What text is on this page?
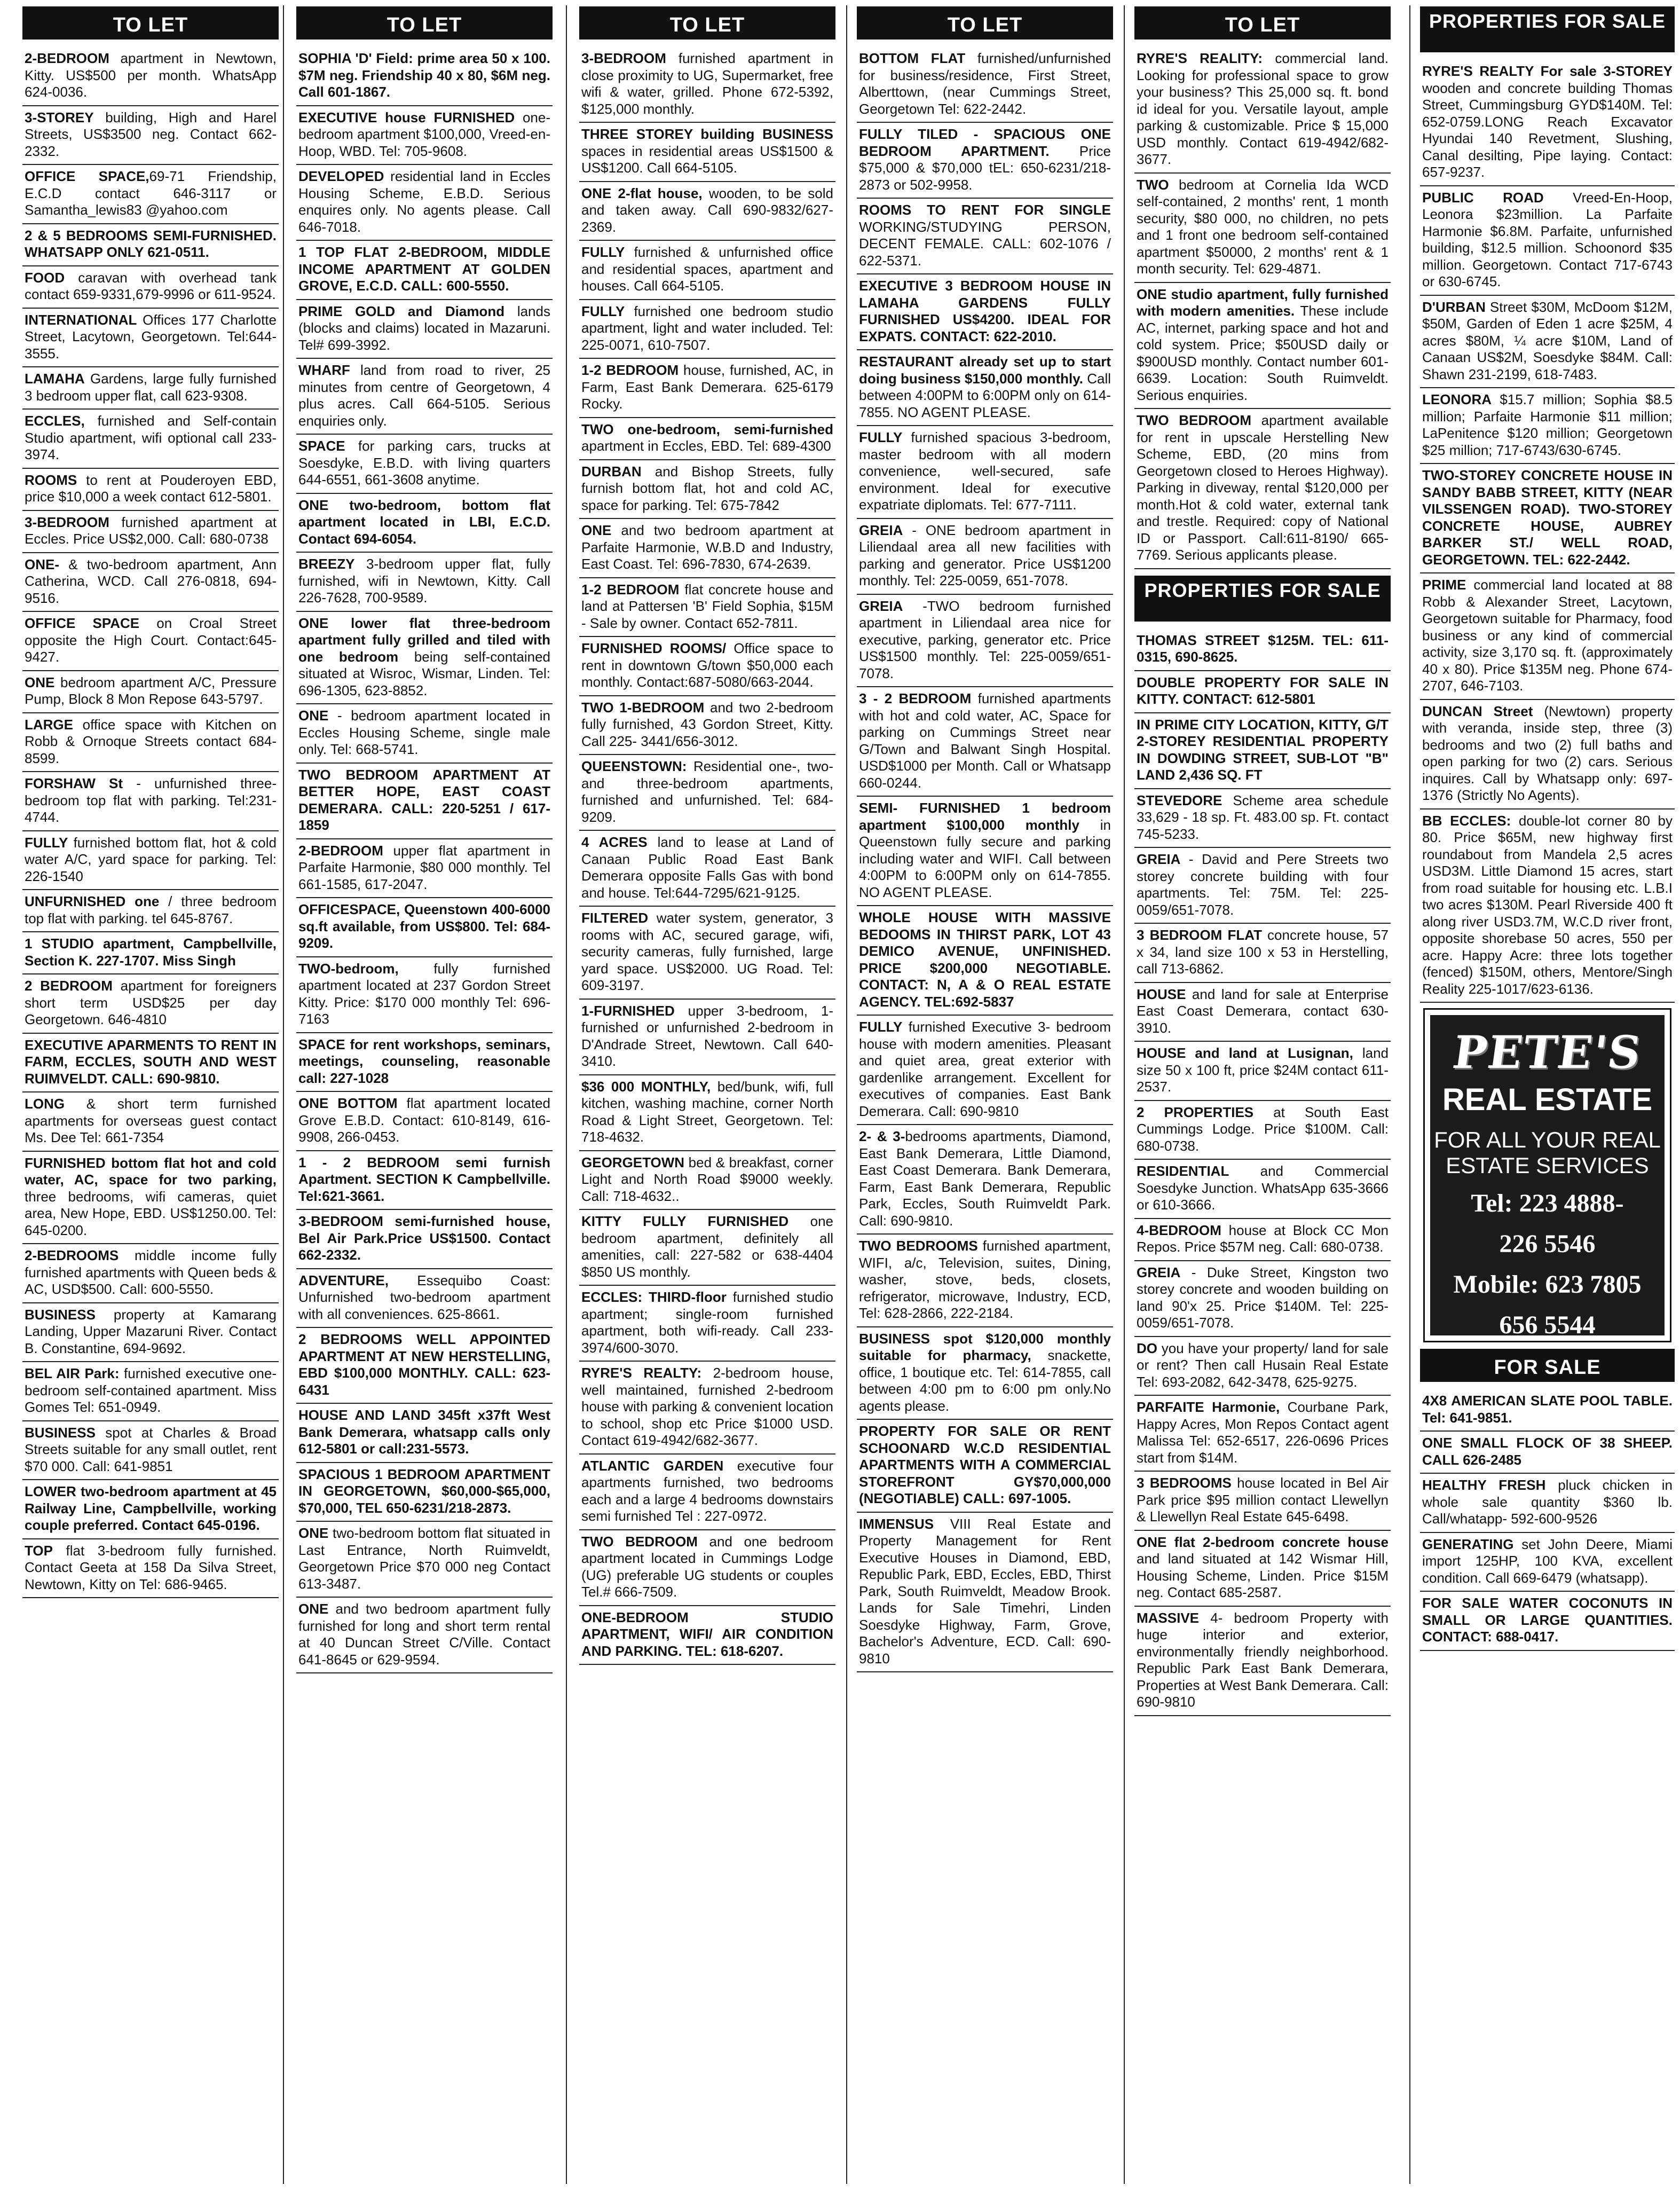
TO LET

2-BEDROOM apartment in Newtown, Kitty. US$500 per month. WhatsApp 624-0036.

3-STOREY building, High and Harel Streets, US$3500 neg. Contact 662-2332.

OFFICE SPACE,69-71 Friendship, E.C.D contact 646-3117 or Samantha_lewis83 @yahoo.com

2 & 5 BEDROOMS SEMI-FURNISHED. WHATSAPP ONLY 621-0511.

FOOD caravan with overhead tank contact 659-9331,679-9996 or 611-9524.

INTERNATIONAL Offices 177 Charlotte Street, Lacytown, Georgetown. Tel:644-3555.

LAMAHA Gardens, large fully furnished 3 bedroom upper flat, call 623-9308.

ECCLES, furnished and Self-contain Studio apartment, wifi optional call 233-3974.

ROOMS to rent at Pouderoyen EBD, price $10,000 a week contact 612-5801.

3-BEDROOM furnished apartment at Eccles. Price US$2,000. Call: 680-0738

ONE- & two-bedroom apartment, Ann Catherina, WCD. Call 276-0818, 694-9516.

OFFICE SPACE on Croal Street opposite the High Court. Contact:645-9427.

ONE bedroom apartment A/C, Pressure Pump, Block 8 Mon Repose 643-5797.

LARGE office space with Kitchen on Robb & Ornoque Streets contact 684-8599.

FORSHAW St - unfurnished three-bedroom top flat with parking. Tel:231-4744.

FULLY furnished bottom flat, hot & cold water A/C, yard space for parking. Tel: 226-1540

UNFURNISHED one / three bedroom top flat with parking. tel 645-8767.

1 STUDIO apartment, Campbellville, Section K. 227-1707. Miss Singh

2 BEDROOM apartment for foreigners short term USD$25 per day Georgetown. 646-4810

EXECUTIVE APARMENTS TO RENT IN FARM, ECCLES, SOUTH AND WEST RUIMVELDT. CALL: 690-9810.

LONG & short term furnished apartments for overseas guest contact Ms. Dee Tel: 661-7354

FURNISHED bottom flat hot and cold water, AC, space for two parking, three bedrooms, wifi cameras, quiet area, New Hope, EBD. US$1250.00. Tel: 645-0200.

2-BEDROOMS middle income fully furnished apartments with Queen beds & AC, USD$500. Call: 600-5550.

BUSINESS property at Kamarang Landing, Upper Mazaruni River. Contact B. Constantine, 694-9692.

BEL AIR Park: furnished executive one-bedroom self-contained apartment. Miss Gomes Tel: 651-0949.

BUSINESS spot at Charles & Broad Streets suitable for any small outlet, rent $70 000. Call: 641-9851

LOWER two-bedroom apartment at 45 Railway Line, Campbellville, working couple preferred. Contact 645-0196.

TOP flat 3-bedroom fully furnished. Contact Geeta at 158 Da Silva Street, Newtown, Kitty on Tel: 686-9465.

TO LET

SOPHIA 'D' Field: prime area 50 x 100. $7M neg. Friendship 40 x 80, $6M neg. Call 601-1867.

EXECUTIVE house FURNISHED one-bedroom apartment $100,000, Vreed-en-Hoop, WBD. Tel: 705-9608.

DEVELOPED residential land in Eccles Housing Scheme, E.B.D. Serious enquires only. No agents please. Call 646-7018.

1 TOP FLAT 2-BEDROOM, MIDDLE INCOME APARTMENT AT GOLDEN GROVE, E.C.D. CALL: 600-5550.

PRIME GOLD and Diamond lands (blocks and claims) located in Mazaruni. Tel# 699-3992.

WHARF land from road to river, 25 minutes from centre of Georgetown, 4 plus acres. Call 664-5105. Serious enquiries only.

SPACE for parking cars, trucks at Soesdyke, E.B.D. with living quarters 644-6551, 661-3608 anytime.

ONE two-bedroom, bottom flat apartment located in LBI, E.C.D. Contact 694-6054.

BREEZY 3-bedroom upper flat, fully furnished, wifi in Newtown, Kitty. Call 226-7628, 700-9589.

ONE lower flat three-bedroom apartment fully grilled and tiled with one bedroom being self-contained situated at Wisroc, Wismar, Linden. Tel: 696-1305, 623-8852.

ONE - bedroom apartment located in Eccles Housing Scheme, single male only. Tel: 668-5741.

TWO BEDROOM APARTMENT AT BETTER HOPE, EAST COAST DEMERARA. CALL: 220-5251 / 617-1859

2-BEDROOM upper flat apartment in Parfaite Harmonie, $80 000 monthly. Tel 661-1585, 617-2047.

OFFICESPACE, Queenstown 400-6000 sq.ft available, from US$800. Tel: 684-9209.

TWO-bedroom, fully furnished apartment located at 237 Gordon Street Kitty. Price: $170 000 monthly Tel: 696-7163

SPACE for rent workshops, seminars, meetings, counseling, reasonable call: 227-1028

ONE BOTTOM flat apartment located Grove E.B.D. Contact: 610-8149, 616-9908, 266-0453.

1 - 2 BEDROOM semi furnish Apartment. SECTION K Campbellville. Tel:621-3661.

3-BEDROOM semi-furnished house, Bel Air Park.Price US$1500. Contact 662-2332.

ADVENTURE, Essequibo Coast: Unfurnished two-bedroom apartment with all conveniences. 625-8661.

2 BEDROOMS WELL APPOINTED APARTMENT AT NEW HERSTELLING, EBD $100,000 MONTHLY. CALL: 623-6431

HOUSE AND LAND 345ft x37ft West Bank Demerara, whatsapp calls only 612-5801 or call:231-5573.

SPACIOUS 1 BEDROOM APARTMENT IN GEORGETOWN, $60,000-$65,000, $70,000, TEL 650-6231/218-2873.

ONE two-bedroom bottom flat situated in Last Entrance, North Ruimveldt, Georgetown Price $70 000 neg Contact 613-3487.

ONE and two bedroom apartment fully furnished for long and short term rental at 40 Duncan Street C/Ville. Contact 641-8645 or 629-9594.

TO LET

3-BEDROOM furnished apartment in close proximity to UG, Supermarket, free wifi & water, grilled. Phone 672-5392, $125,000 monthly.

THREE STOREY building BUSINESS spaces in residential areas US$1500 & US$1200. Call 664-5105.

ONE 2-flat house, wooden, to be sold and taken away. Call 690-9832/627-2369.

FULLY furnished & unfurnished office and residential spaces, apartment and houses. Call 664-5105.

FULLY furnished one bedroom studio apartment, light and water included. Tel: 225-0071, 610-7507.

1-2 BEDROOM house, furnished, AC, in Farm, East Bank Demerara. 625-6179 Rocky.

TWO one-bedroom, semi-furnished apartment in Eccles, EBD. Tel: 689-4300

DURBAN and Bishop Streets, fully furnish bottom flat, hot and cold AC, space for parking. Tel: 675-7842

ONE and two bedroom apartment at Parfaite Harmonie, W.B.D and Industry, East Coast. Tel: 696-7830, 674-2639.

1-2 BEDROOM flat concrete house and land at Pattersen 'B' Field Sophia, $15M - Sale by owner. Contact 652-7811.

FURNISHED ROOMS/ Office space to rent in downtown G/town $50,000 each monthly. Contact:687-5080/663-2044.

TWO 1-BEDROOM and two 2-bedroom fully furnished, 43 Gordon Street, Kitty. Call 225- 3441/656-3012.

QUEENSTOWN: Residential one-, two- and three-bedroom apartments, furnished and unfurnished. Tel: 684-9209.

4 ACRES land to lease at Land of Canaan Public Road East Bank Demerara opposite Falls Gas with bond and house. Tel:644-7295/621-9125.

FILTERED water system, generator, 3 rooms with AC, secured garage, wifi, security cameras, fully furnished, large yard space. US$2000. UG Road. Tel: 609-3197.

1-FURNISHED upper 3-bedroom, 1-furnished or unfurnished 2-bedroom in D'Andrade Street, Newtown. Call 640-3410.

$36 000 MONTHLY, bed/bunk, wifi, full kitchen, washing machine, corner North Road & Light Street, Georgetown. Tel: 718-4632.

GEORGETOWN bed & breakfast, corner Light and North Road $9000 weekly. Call: 718-4632..

KITTY FULLY FURNISHED one bedroom apartment, definitely all amenities, call: 227-582 or 638-4404 $850 US monthly.

ECCLES: THIRD-floor furnished studio apartment; single-room furnished apartment, both wifi-ready. Call 233-3974/600-3070.

RYRE'S REALTY: 2-bedroom house, well maintained, furnished 2-bedroom house with parking & convenient location to school, shop etc Price $1000 USD. Contact 619-4942/682-3677.

ATLANTIC GARDEN executive four apartments furnished, two bedrooms each and a large 4 bedrooms downstairs semi furnished Tel : 227-0972.

TWO BEDROOM and one bedroom apartment located in Cummings Lodge (UG) preferable UG students or couples Tel.# 666-7509.

ONE-BEDROOM STUDIO APARTMENT, WIFI/ AIR CONDITION AND PARKING. TEL: 618-6207.

TO LET

BOTTOM FLAT furnished/unfurnished for business/residence, First Street, Alberttown, (near Cummings Street, Georgetown Tel: 622-2442.

FULLY TILED - SPACIOUS ONE BEDROOM APARTMENT. Price $75,000 & $70,000 tEL: 650-6231/218-2873 or 502-9958.

ROOMS TO RENT FOR SINGLE WORKING/STUDYING PERSON, DECENT FEMALE. CALL: 602-1076 / 622-5371.

EXECUTIVE 3 BEDROOM HOUSE IN LAMAHA GARDENS FULLY FURNISHED US$4200. IDEAL FOR EXPATS. CONTACT: 622-2010.

RESTAURANT already set up to start doing business $150,000 monthly. Call between 4:00PM to 6:00PM only on 614-7855. NO AGENT PLEASE.

FULLY furnished spacious 3-bedroom, master bedroom with all modern convenience, well-secured, safe environment. Ideal for executive expatriate diplomats. Tel: 677-7111.

GREIA - ONE bedroom apartment in Liliendaal area all new facilities with parking and generator. Price US$1200 monthly. Tel: 225-0059, 651-7078.

GREIA -TWO bedroom furnished apartment in Liliendaal area nice for executive, parking, generator etc. Price US$1500 monthly. Tel: 225-0059/651-7078.

3 - 2 BEDROOM furnished apartments with hot and cold water, AC, Space for parking on Cummings Street near G/Town and Balwant Singh Hospital. USD$1000 per Month. Call or Whatsapp 660-0244.

SEMI- FURNISHED 1 bedroom apartment $100,000 monthly in Queenstown fully secure and parking including water and WIFI. Call between 4:00PM to 6:00PM only on 614-7855. NO AGENT PLEASE.

WHOLE HOUSE WITH MASSIVE BEDOOMS IN THIRST PARK, LOT 43 DEMICO AVENUE, UNFINISHED. PRICE $200,000 NEGOTIABLE. CONTACT: N, A & O REAL ESTATE AGENCY. TEL:692-5837

FULLY furnished Executive 3- bedroom house with modern amenities. Pleasant and quiet area, great exterior with gardenlike arrangement. Excellent for executives of companies. East Bank Demerara. Call: 690-9810

2- & 3-bedrooms apartments, Diamond, East Bank Demerara, Little Diamond, East Coast Demerara. Bank Demerara, Farm, East Bank Demerara, Republic Park, Eccles, South Ruimveldt Park. Call: 690-9810.

TWO BEDROOMS furnished apartment, WIFI, a/c, Television, suites, Dining, washer, stove, beds, closets, refrigerator, microwave, Industry, ECD, Tel: 628-2866, 222-2184.

BUSINESS spot $120,000 monthly suitable for pharmacy, snackette, office, 1 boutique etc. Tel: 614-7855, call between 4:00 pm to 6:00 pm only.No agents please.

PROPERTY FOR SALE OR RENT SCHOONARD W.C.D RESIDENTIAL APARTMENTS WITH A COMMERCIAL STOREFRONT GY$70,000,000 (NEGOTIABLE) CALL: 697-1005.

IMMENSUS VIII Real Estate and Property Management for Rent Executive Houses in Diamond, EBD, Republic Park, EBD, Eccles, EBD, Thirst Park, South Ruimveldt, Meadow Brook. Lands for Sale Timehri, Linden Soesdyke Highway, Farm, Grove, Bachelor's Adventure, ECD. Call: 690-9810

TO LET

RYRE'S REALITY: commercial land. Looking for professional space to grow your business? This 25,000 sq. ft. bond id ideal for you. Versatile layout, ample parking & customizable. Price $ 15,000 USD monthly. Contact 619-4942/682-3677.

TWO bedroom at Cornelia Ida WCD self-contained, 2 months' rent, 1 month security, $80 000, no children, no pets and 1 front one bedroom self-contained apartment $50000, 2 months' rent & 1 month security. Tel: 629-4871.

ONE studio apartment, fully furnished with modern amenities. These include AC, internet, parking space and hot and cold system. Price; $50USD daily or $900USD monthly. Contact number 601-6639. Location: South Ruimveldt. Serious enquiries.

TWO BEDROOM apartment available for rent in upscale Herstelling New Scheme, EBD, (20 mins from Georgetown closed to Heroes Highway). Parking in diveway, rental $120,000 per month.Hot & cold water, external tank and trestle. Required: copy of National ID or Passport. Call:611-8190/ 665-7769. Serious applicants please.

PROPERTIES FOR SALE

THOMAS STREET $125M. TEL: 611-0315, 690-8625.

DOUBLE PROPERTY FOR SALE IN KITTY. CONTACT: 612-5801

IN PRIME CITY LOCATION, KITTY, G/T 2-STOREY RESIDENTIAL PROPERTY IN DOWDING STREET, SUB-LOT "B" LAND 2,436 SQ. FT

STEVEDORE Scheme area schedule 33,629 - 18 sp. Ft. 483.00 sp. Ft. contact 745-5233.

GREIA - David and Pere Streets two storey concrete building with four apartments. Tel: 75M. Tel: 225-0059/651-7078.

3 BEDROOM FLAT concrete house, 57 x 34, land size 100 x 53 in Herstelling, call 713-6862.

HOUSE and land for sale at Enterprise East Coast Demerara, contact 630-3910.

HOUSE and land at Lusignan, land size 50 x 100 ft, price $24M contact 611-2537.

2 PROPERTIES at South East Cummings Lodge. Price $100M. Call: 680-0738.

RESIDENTIAL and Commercial Soesdyke Junction. WhatsApp 635-3666 or 610-3666.

4-BEDROOM house at Block CC Mon Repos. Price $57M neg. Call: 680-0738.

GREIA - Duke Street, Kingston two storey concrete and wooden building on land 90'x 25. Price $140M. Tel: 225-0059/651-7078.

DO you have your property/ land for sale or rent? Then call Husain Real Estate Tel: 693-2082, 642-3478, 625-9275.

PARFAITE Harmonie, Courbane Park, Happy Acres, Mon Repos Contact agent Malissa Tel: 652-6517, 226-0696 Prices start from $14M.

3 BEDROOMS house located in Bel Air Park price $95 million contact Llewellyn & Llewellyn Real Estate 645-6498.

ONE flat 2-bedroom concrete house and land situated at 142 Wismar Hill, Housing Scheme, Linden. Price $15M neg. Contact 685-2587.

MASSIVE 4- bedroom Property with huge interior and exterior, environmentally friendly neighborhood. Republic Park East Bank Demerara, Properties at West Bank Demerara. Call: 690-9810

PROPERTIES FOR SALE

RYRE'S REALTY For sale 3-STOREY wooden and concrete building Thomas Street, Cummingsburg GYD$140M. Tel: 652-0759.LONG Reach Excavator Hyundai 140 Revetment, Slushing, Canal desilting, Pipe laying. Contact: 657-9237.

PUBLIC ROAD Vreed-En-Hoop, Leonora $23million. La Parfaite Harmonie $6.8M. Parfaite, unfurnished building, $12.5 million. Schoonord $35 million. Georgetown. Contact 717-6743 or 630-6745.

D'URBAN Street $30M, McDoom $12M, $50M, Garden of Eden 1 acre $25M, 4 acres $80M, ¼ acre $10M, Land of Canaan US$2M, Soesdyke $84M. Call: Shawn 231-2199, 618-7483.

LEONORA $15.7 million; Sophia $8.5 million; Parfaite Harmonie $11 million; LaPenitence $120 million; Georgetown $25 million; 717-6743/630-6745.

TWO-STOREY CONCRETE HOUSE IN SANDY BABB STREET, KITTY (NEAR VILSSENGEN ROAD). TWO-STOREY CONCRETE HOUSE, AUBREY BARKER ST./ WELL ROAD, GEORGETOWN. TEL: 622-2442.

PRIME commercial land located at 88 Robb & Alexander Street, Lacytown, Georgetown suitable for Pharmacy, food business or any kind of commercial activity, size 3,170 sq. ft. (approximately 40 x 80). Price $135M neg. Phone 674-2707, 646-7103.

DUNCAN Street (Newtown) property with veranda, inside step, three (3) bedrooms and two (2) full baths and open parking for two (2) cars. Serious inquires. Call by Whatsapp only: 697-1376 (Strictly No Agents).

BB ECCLES: double-lot corner 80 by 80. Price $65M, new highway first roundabout from Mandela 2,5 acres USD3M. Little Diamond 15 acres, start from road suitable for housing etc. L.B.I two acres $130M. Pearl Riverside 400 ft along river USD3.7M, W.C.D river front, opposite shorebase 50 acres, 550 per acre. Happy Acre: three lots together (fenced) $150M, others, Mentore/Singh Reality 225-1017/623-6136.

PETE'S
REAL ESTATE
FOR ALL YOUR REAL ESTATE SERVICES
Tel: 223 4888-
226 5546
Mobile: 623 7805
656 5544
FOR SALE

4X8 AMERICAN SLATE POOL TABLE. Tel: 641-9851.

ONE SMALL FLOCK OF 38 SHEEP. CALL 626-2485

HEALTHY FRESH pluck chicken in whole sale quantity $360 lb. Call/whatapp- 592-600-9526

GENERATING set John Deere, Miami import 125HP, 100 KVA, excellent condition. Call 669-6479 (whatsapp).

FOR SALE WATER COCONUTS IN SMALL OR LARGE QUANTITIES. CONTACT: 688-0417.
